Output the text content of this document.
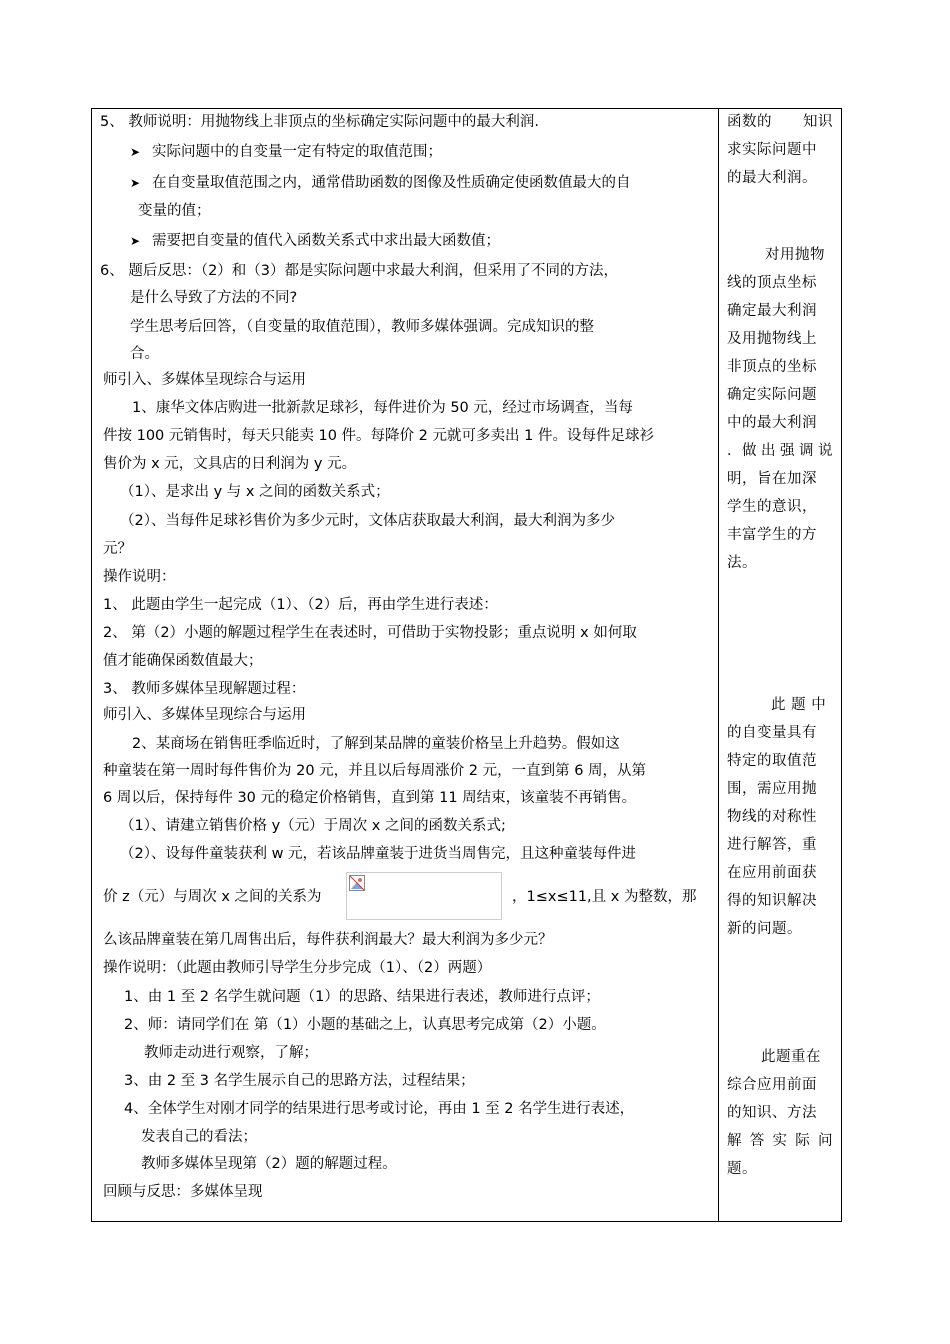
5、 教师说明：用抛物线上非顶点的坐标确定实际问题中的最大利润.
➤ 实际问题中的自变量一定有特定的取值范围；
➤ 在自变量取值范围之内，通常借助函数的图像及性质确定使函数值最大的自
变量的值；
➤ 需要把自变量的值代入函数关系式中求出最大函数值；
6、 题后反思：（2）和（3）都是实际问题中求最大利润，但采用了不同的方法，
是什么导致了方法的不同?
学生思考后回答，（自变量的取值范围），教师多媒体强调。完成知识的整
合。
师引入、多媒体呈现综合与运用
1、康华文体店购进一批新款足球衫，每件进价为 50 元，经过市场调查，当每
件按 100 元销售时，每天只能卖 10 件。每降价 2 元就可多卖出 1 件。设每件足球衫
售价为 x 元，文具店的日利润为 y 元。
（1）、是求出 y 与 x 之间的函数关系式；
（2）、当每件足球衫售价为多少元时，文体店获取最大利润，最大利润为多少
元？
操作说明：
1、 此题由学生一起完成（1）、（2）后，再由学生进行表述：
2、 第（2）小题的解题过程学生在表述时，可借助于实物投影；重点说明 x 如何取
值才能确保函数值最大；
3、 教师多媒体呈现解题过程：
师引入、多媒体呈现综合与运用
2、某商场在销售旺季临近时，了解到某品牌的童装价格呈上升趋势。假如这
种童装在第一周时每件售价为 20 元，并且以后每周涨价 2 元，一直到第 6 周，从第
6 周以后，保持每件 30 元的稳定价格销售，直到第 11 周结束，该童装不再销售。
（1）、请建立销售价格 y（元）于周次 x 之间的函数关系式;
（2）、设每件童装获利 w 元，若该品牌童装于进货当周售完，且这种童装每件进
价 z（元）与周次 x 之间的关系为	，1≤x≤11,且 x 为整数，那
么该品牌童装在第几周售出后，每件获利润最大？最大利润为多少元？
操作说明：（此题由教师引导学生分步完成（1）、（2）两题）
1、由 1 至 2 名学生就问题（1）的思路、结果进行表述，教师进行点评；
2、师：请同学们在 第（1）小题的基础之上，认真思考完成第（2）小题。
教师走动进行观察，了解；
3、由 2 至 3 名学生展示自己的思路方法，过程结果；
4、全体学生对刚才同学的结果进行思考或讨论，再由 1 至 2 名学生进行表述，
发表自己的看法；
教师多媒体呈现第（2）题的解题过程。
回顾与反思：多媒体呈现
函数的 知识
求实际问题中
的最大利润。
对用抛物
线的顶点坐标
确定最大利润
及用抛物线上
非顶点的坐标
确定实际问题
中的最大利润
．做 出 强 调 说
明，旨在加深
学生的意识，
丰富学生的方
法。
此 题 中
的自变量具有
特定的取值范
围，需应用抛
物线的对称性
进行解答，重
在应用前面获
得的知识解决
新的问题。
此题重在
综合应用前面
的知识、方法
解 答 实 际 问
题。
